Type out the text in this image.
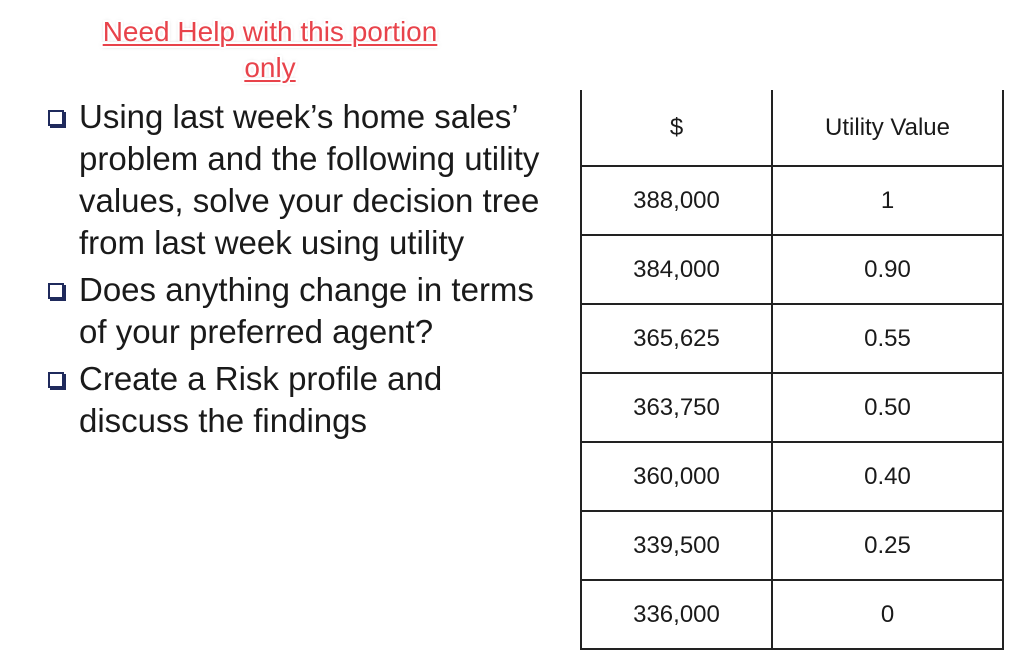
Need Help with this portion
only
Using last week’s home sales’ problem and the following utility values, solve your decision tree from last week using utility
Does anything change in terms of your preferred agent?
Create a Risk profile and discuss the findings
$	Utility Value
388,000	1
384,000	0.90
365,625	0.55
363,750	0.50
360,000	0.40
339,500	0.25
336,000	0
